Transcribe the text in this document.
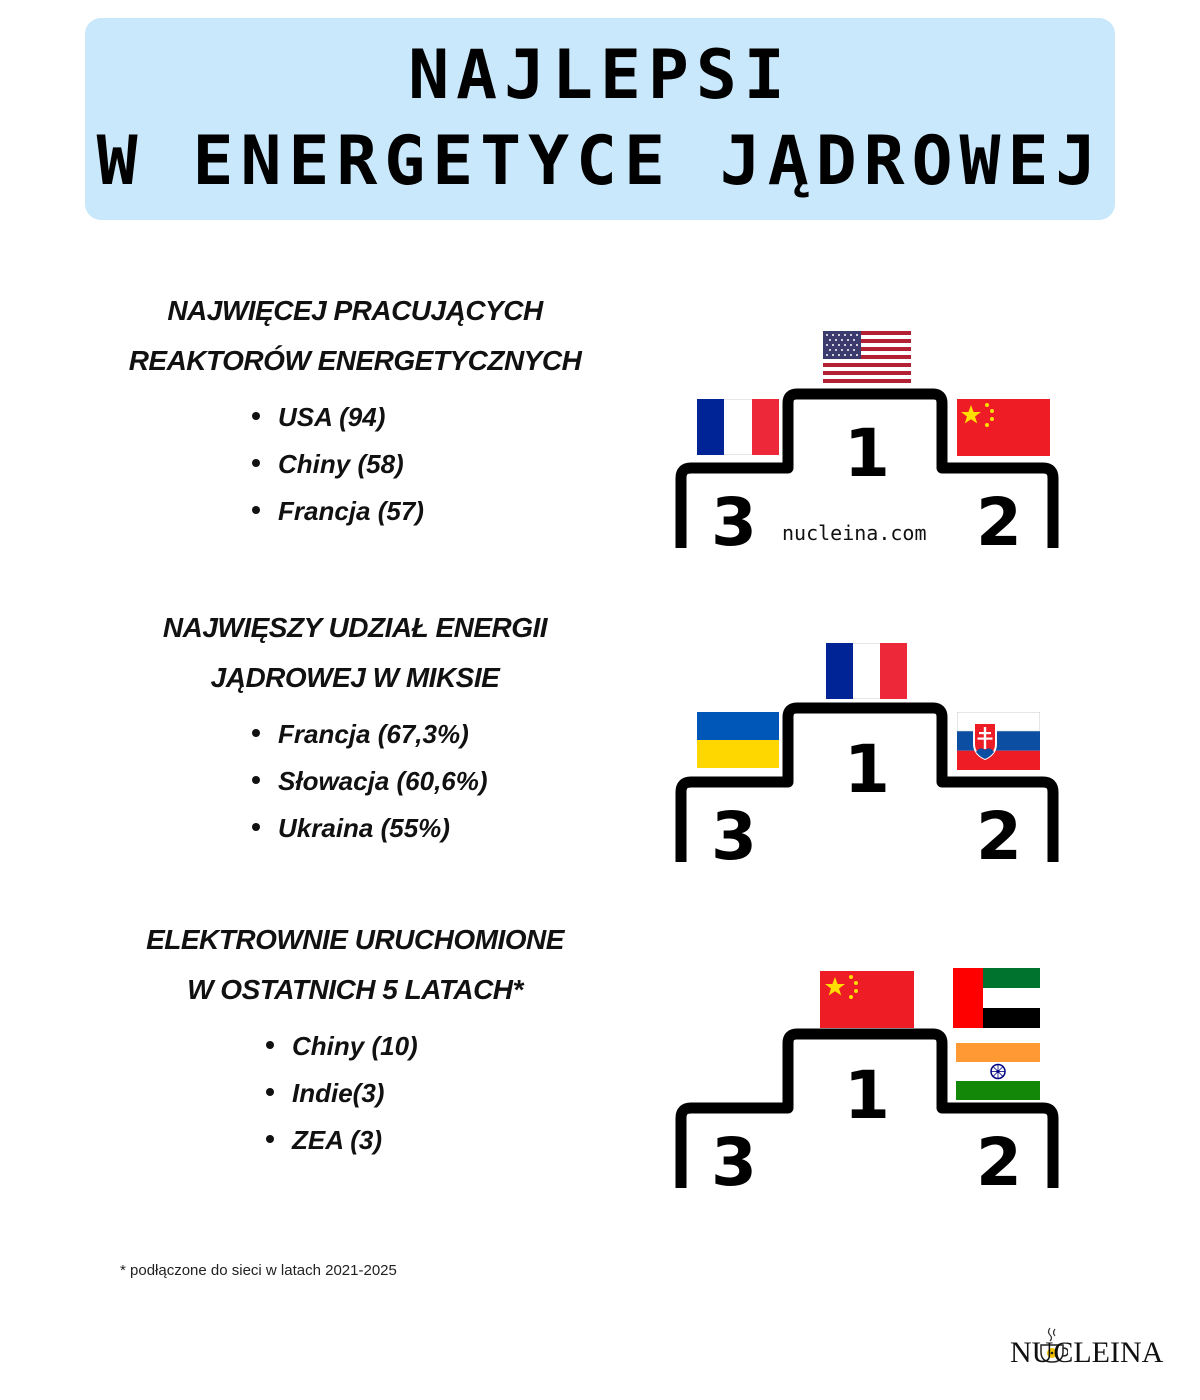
NAJLEPSI
W ENERGETYCE JĄDROWEJ
NAJWIĘCEJ PRACUJĄCYCH
REAKTORÓW ENERGETYCZNYCH
USA (94)
Chiny (58)
Francja (57)
NAJWIĘSZY UDZIAŁ ENERGII
JĄDROWEJ W MIKSIE
Francja (67,3%)
Słowacja (60,6%)
Ukraina (55%)
ELEKTROWNIE URUCHOMIONE
W OSTATNICH 5 LATACH*
Chiny (10)
Indie(3)
ZEA (3)
1
2
3 nucleina.com
1
2
3
1
2
3
* podłączone do sieci w latach 2021-2025
NUCLEINA
